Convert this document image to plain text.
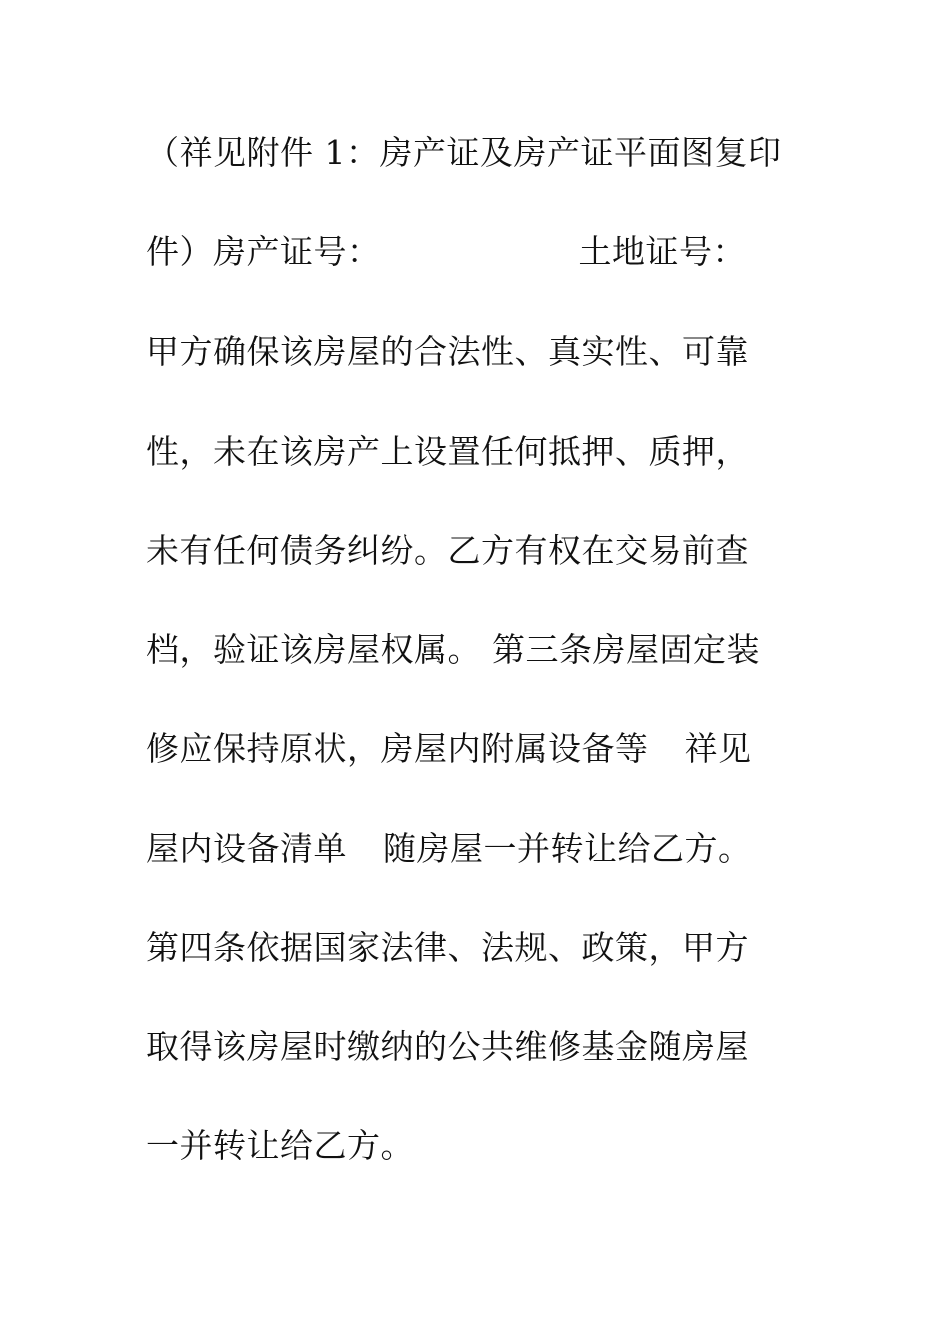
（祥见附件 1：房产证及房产证平面图复印
件）房产证号：	土地证号：
甲方确保该房屋的合法性、真实性、可靠
性，未在该房产上设置任何抵押、质押，
未有任何债务纠纷。乙方有权在交易前查
档，验证该房屋权属。 第三条房屋固定装
修应保持原状，房屋内附属设备等 祥见
屋内设备清单 随房屋一并转让给乙方。
第四条依据国家法律、法规、政策，甲方
取得该房屋时缴纳的公共维修基金随房屋
一并转让给乙方。
